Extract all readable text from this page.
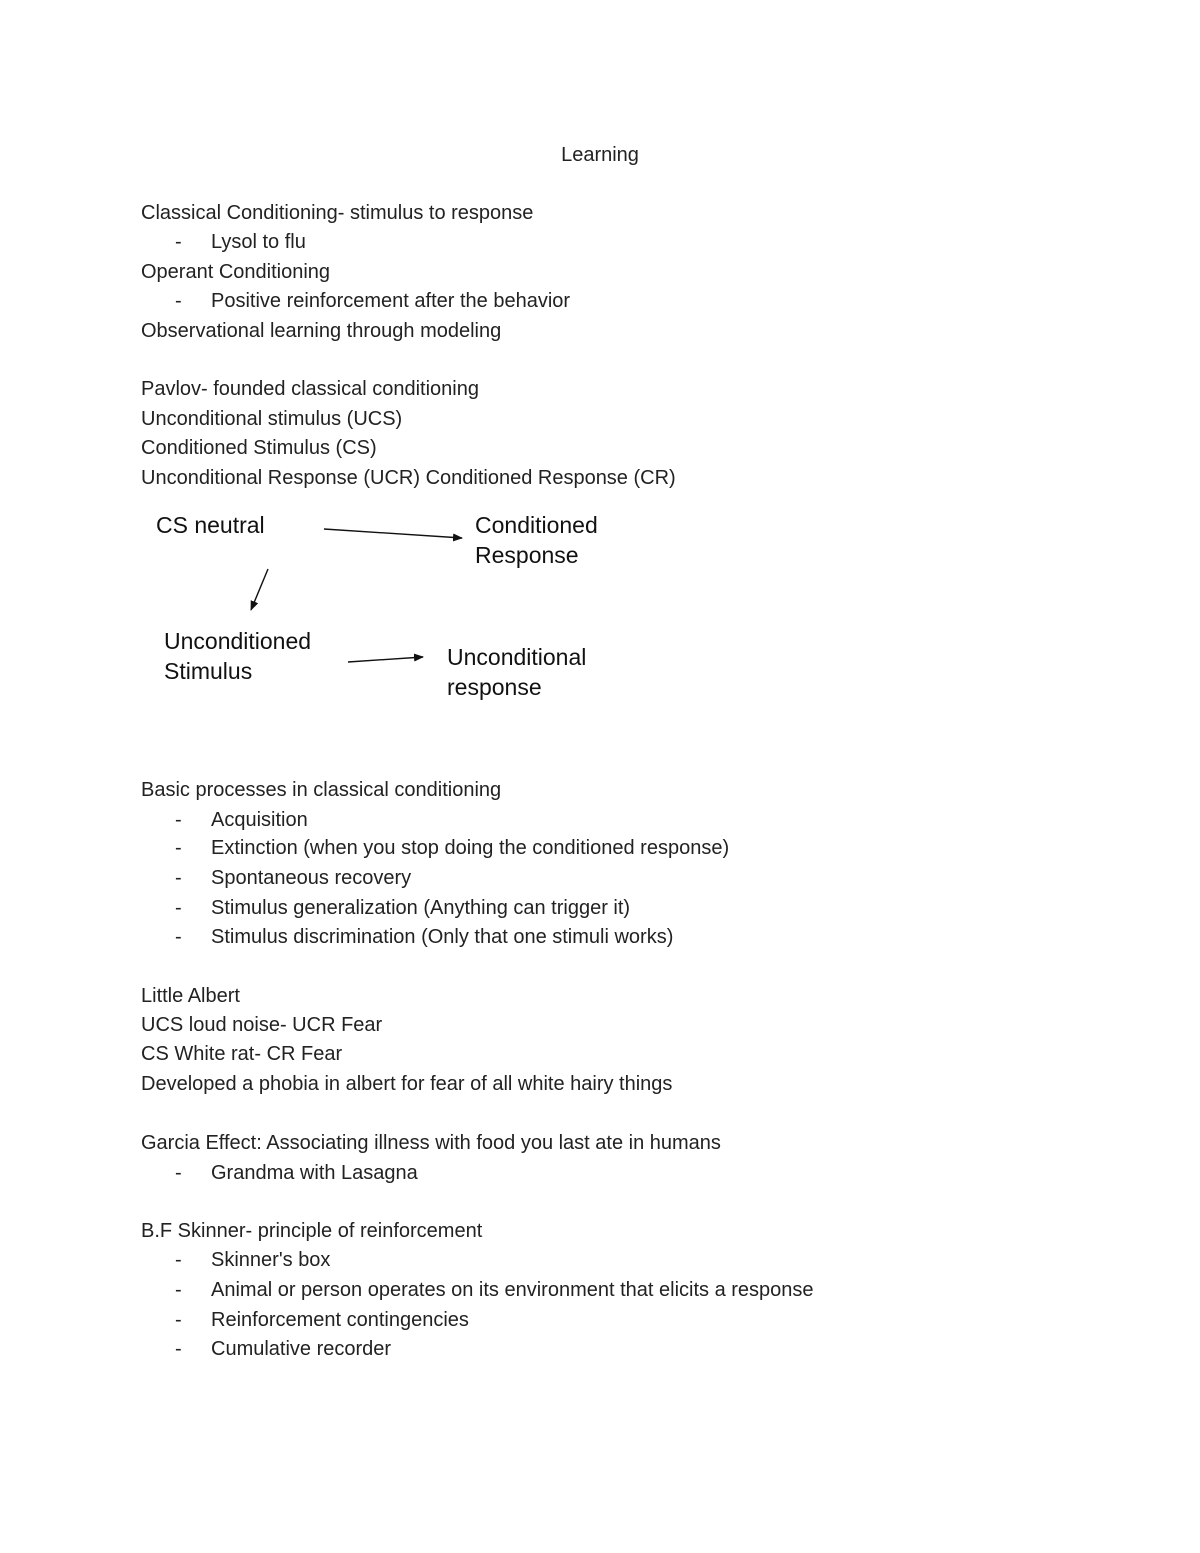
Learning
Classical Conditioning- stimulus to response
- Lysol to flu
Operant Conditioning
- Positive reinforcement after the behavior
Observational learning through modeling
Pavlov- founded classical conditioning
Unconditional stimulus (UCS)
Conditioned Stimulus (CS)
Unconditional Response (UCR) Conditioned Response (CR)
CS neutral	Conditioned
Response
Unconditioned
Stimulus
Unconditional
response
Basic processes in classical conditioning
- Acquisition
- Extinction (when you stop doing the conditioned response)
- Spontaneous recovery
- Stimulus generalization (Anything can trigger it)
- Stimulus discrimination (Only that one stimuli works)
Little Albert
UCS loud noise- UCR Fear
CS White rat- CR Fear
Developed a phobia in albert for fear of all white hairy things
Garcia Effect: Associating illness with food you last ate in humans
- Grandma with Lasagna
B.F Skinner- principle of reinforcement
- Skinner's box
- Animal or person operates on its environment that elicits a response
- Reinforcement contingencies
- Cumulative recorder
